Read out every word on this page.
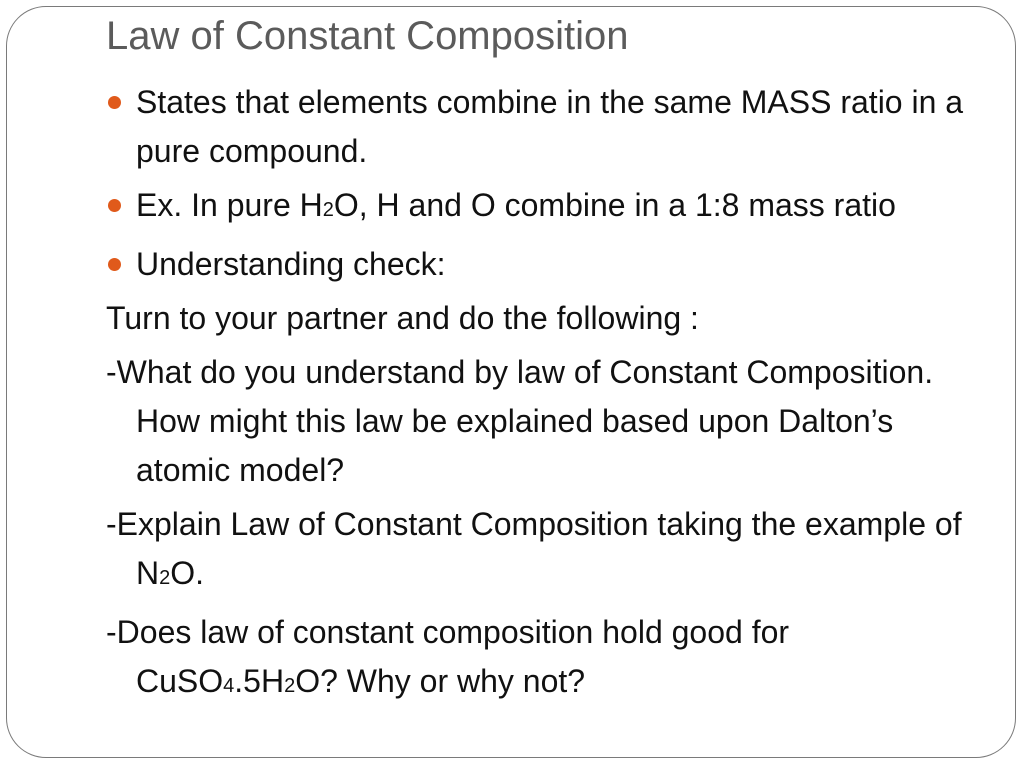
Law of Constant Composition
States that elements combine in the same MASS ratio in a pure compound.
Ex. In pure H2O, H and O combine in a 1:8 mass ratio
Understanding check:
Turn to your partner and do the following :
-What do you understand by law of Constant Composition. How might this law be explained based upon Dalton’s atomic model?
-Explain Law of Constant Composition taking the example of N2O.
-Does law of constant composition hold good for CuSO4.5H2O? Why or why not?
